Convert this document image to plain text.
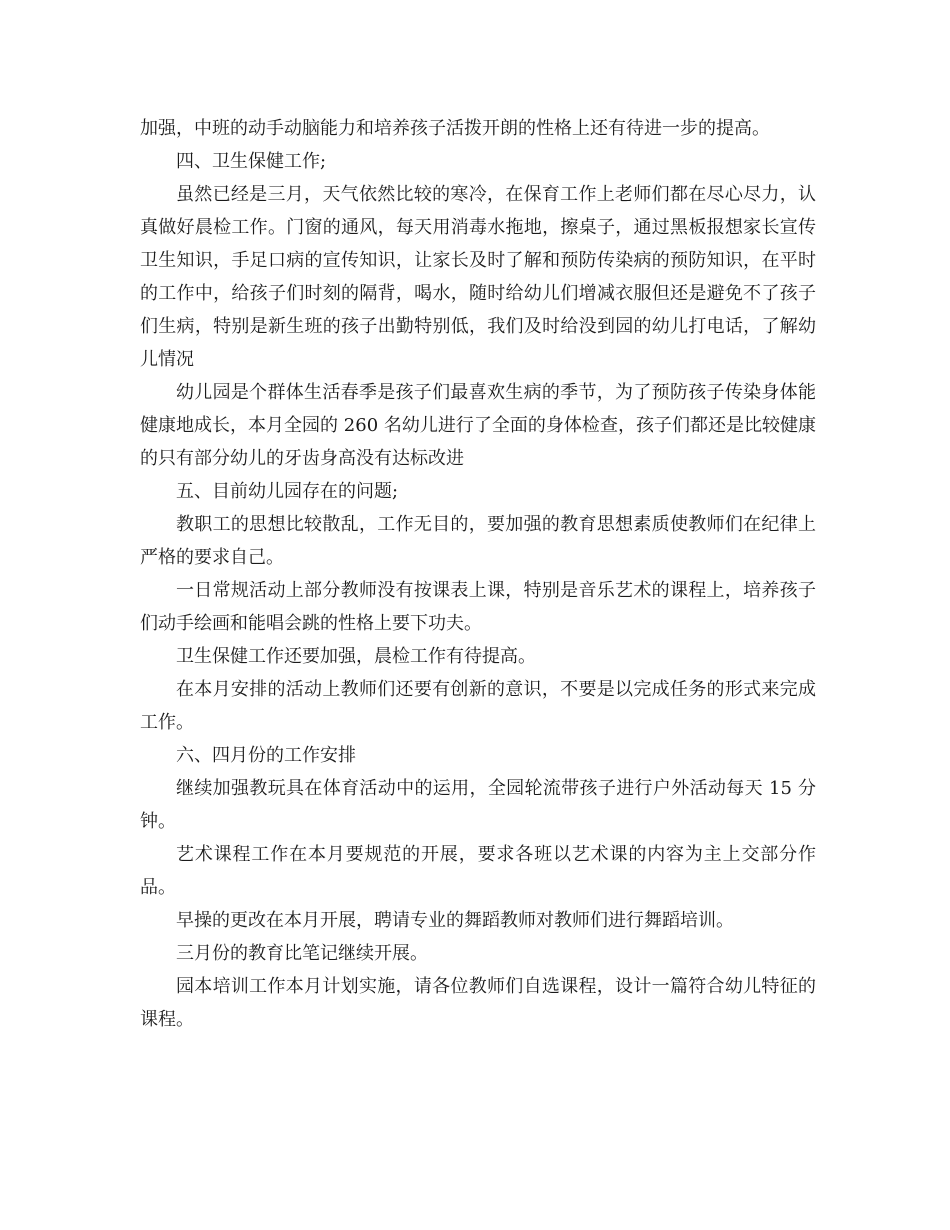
加强，中班的动手动脑能力和培养孩子活拨开朗的性格上还有待进一步的提高。

四、卫生保健工作;

虽然已经是三月，天气依然比较的寒冷，在保育工作上老师们都在尽心尽力，认真做好晨检工作。门窗的通风，每天用消毒水拖地，擦桌子，通过黑板报想家长宣传卫生知识，手足口病的宣传知识，让家长及时了解和预防传染病的预防知识，在平时的工作中，给孩子们时刻的隔背，喝水，随时给幼儿们增减衣服但还是避免不了孩子们生病，特别是新生班的孩子出勤特别低，我们及时给没到园的幼儿打电话，了解幼儿情况

幼儿园是个群体生活春季是孩子们最喜欢生病的季节，为了预防孩子传染身体能健康地成长，本月全园的 260 名幼儿进行了全面的身体检查，孩子们都还是比较健康的只有部分幼儿的牙齿身高没有达标改进

五、目前幼儿园存在的问题;

教职工的思想比较散乱，工作无目的，要加强的教育思想素质使教师们在纪律上严格的要求自己。

一日常规活动上部分教师没有按课表上课，特别是音乐艺术的课程上，培养孩子们动手绘画和能唱会跳的性格上要下功夫。

卫生保健工作还要加强，晨检工作有待提高。

在本月安排的活动上教师们还要有创新的意识，不要是以完成任务的形式来完成工作。

六、四月份的工作安排

继续加强教玩具在体育活动中的运用，全园轮流带孩子进行户外活动每天 15 分钟。

艺术课程工作在本月要规范的开展，要求各班以艺术课的内容为主上交部分作品。

早操的更改在本月开展，聘请专业的舞蹈教师对教师们进行舞蹈培训。

三月份的教育比笔记继续开展。

园本培训工作本月计划实施，请各位教师们自选课程，设计一篇符合幼儿特征的课程。
